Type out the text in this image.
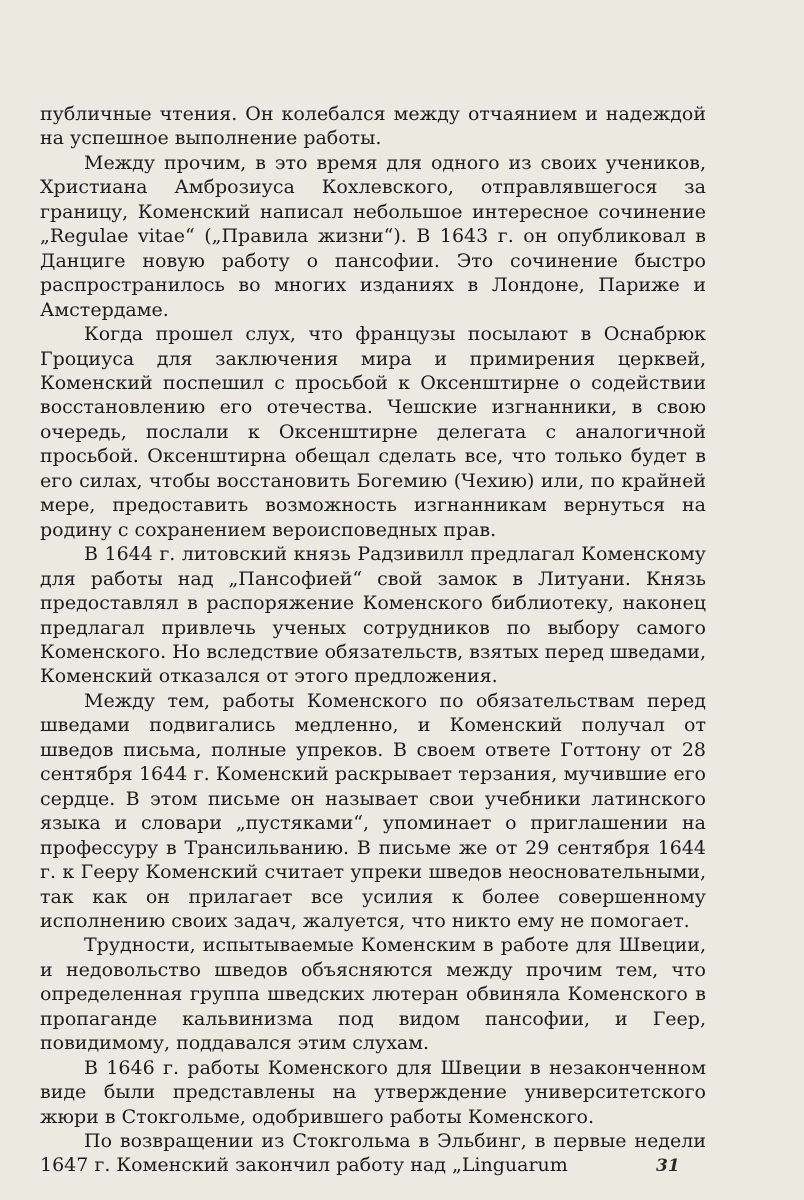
публичные чтения. Он колебался между отчаянием и надеждой на успешное выполнение работы.

Между прочим, в это время для одного из своих учеников, Христиана Амброзиуса Кохлевского, отправлявшегося за границу, Коменский написал небольшое интересное сочинение „Regulae vitae“ („Правила жизни“). В 1643 г. он опубликовал в Данциге новую работу о пансофии. Это сочинение быстро распространилось во многих изданиях в Лондоне, Париже и Амстердаме.

Когда прошел слух, что французы посылают в Оснабрюк Гроциуса для заключения мира и примирения церквей, Коменский поспешил с просьбой к Оксенштирне о содействии восстановлению его отечества. Чешские изгнанники, в свою очередь, послали к Оксенштирне делегата с аналогичной просьбой. Оксенштирна обещал сделать все, что только будет в его силах, чтобы восстановить Богемию (Чехию) или, по крайней мере, предоставить возможность изгнанникам вернуться на родину с сохранением вероисповедных прав.

В 1644 г. литовский князь Радзивилл предлагал Коменскому для работы над „Пансофией“ свой замок в Литуани. Князь предоставлял в распоряжение Коменского библиотеку, наконец предлагал привлечь ученых сотрудников по выбору самого Коменского. Но вследствие обязательств, взятых перед шведами, Коменский отказался от этого предложения.

Между тем, работы Коменского по обязательствам перед шведами подвигались медленно, и Коменский получал от шведов письма, полные упреков. В своем ответе Готтону от 28 сентября 1644 г. Коменский раскрывает терзания, мучившие его сердце. В этом письме он называет свои учебники латинского языка и словари „пустяками“, упоминает о приглашении на профессуру в Трансильванию. В письме же от 29 сентября 1644 г. к Гееру Коменский считает упреки шведов неосновательными, так как он прилагает все усилия к более совершенному исполнению своих задач, жалуется, что никто ему не помогает.

Трудности, испытываемые Коменским в работе для Швеции, и недовольство шведов объясняются между прочим тем, что определенная группа шведских лютеран обвиняла Коменского в пропаганде кальвинизма под видом пансофии, и Геер, повидимому, поддавался этим слухам.

В 1646 г. работы Коменского для Швеции в незаконченном виде были представлены на утверждение университетского жюри в Стокгольме, одобрившего работы Коменского.

По возвращении из Стокгольма в Эльбинг, в первые недели 1647 г. Коменский закончил работу над „Linguarum	31
